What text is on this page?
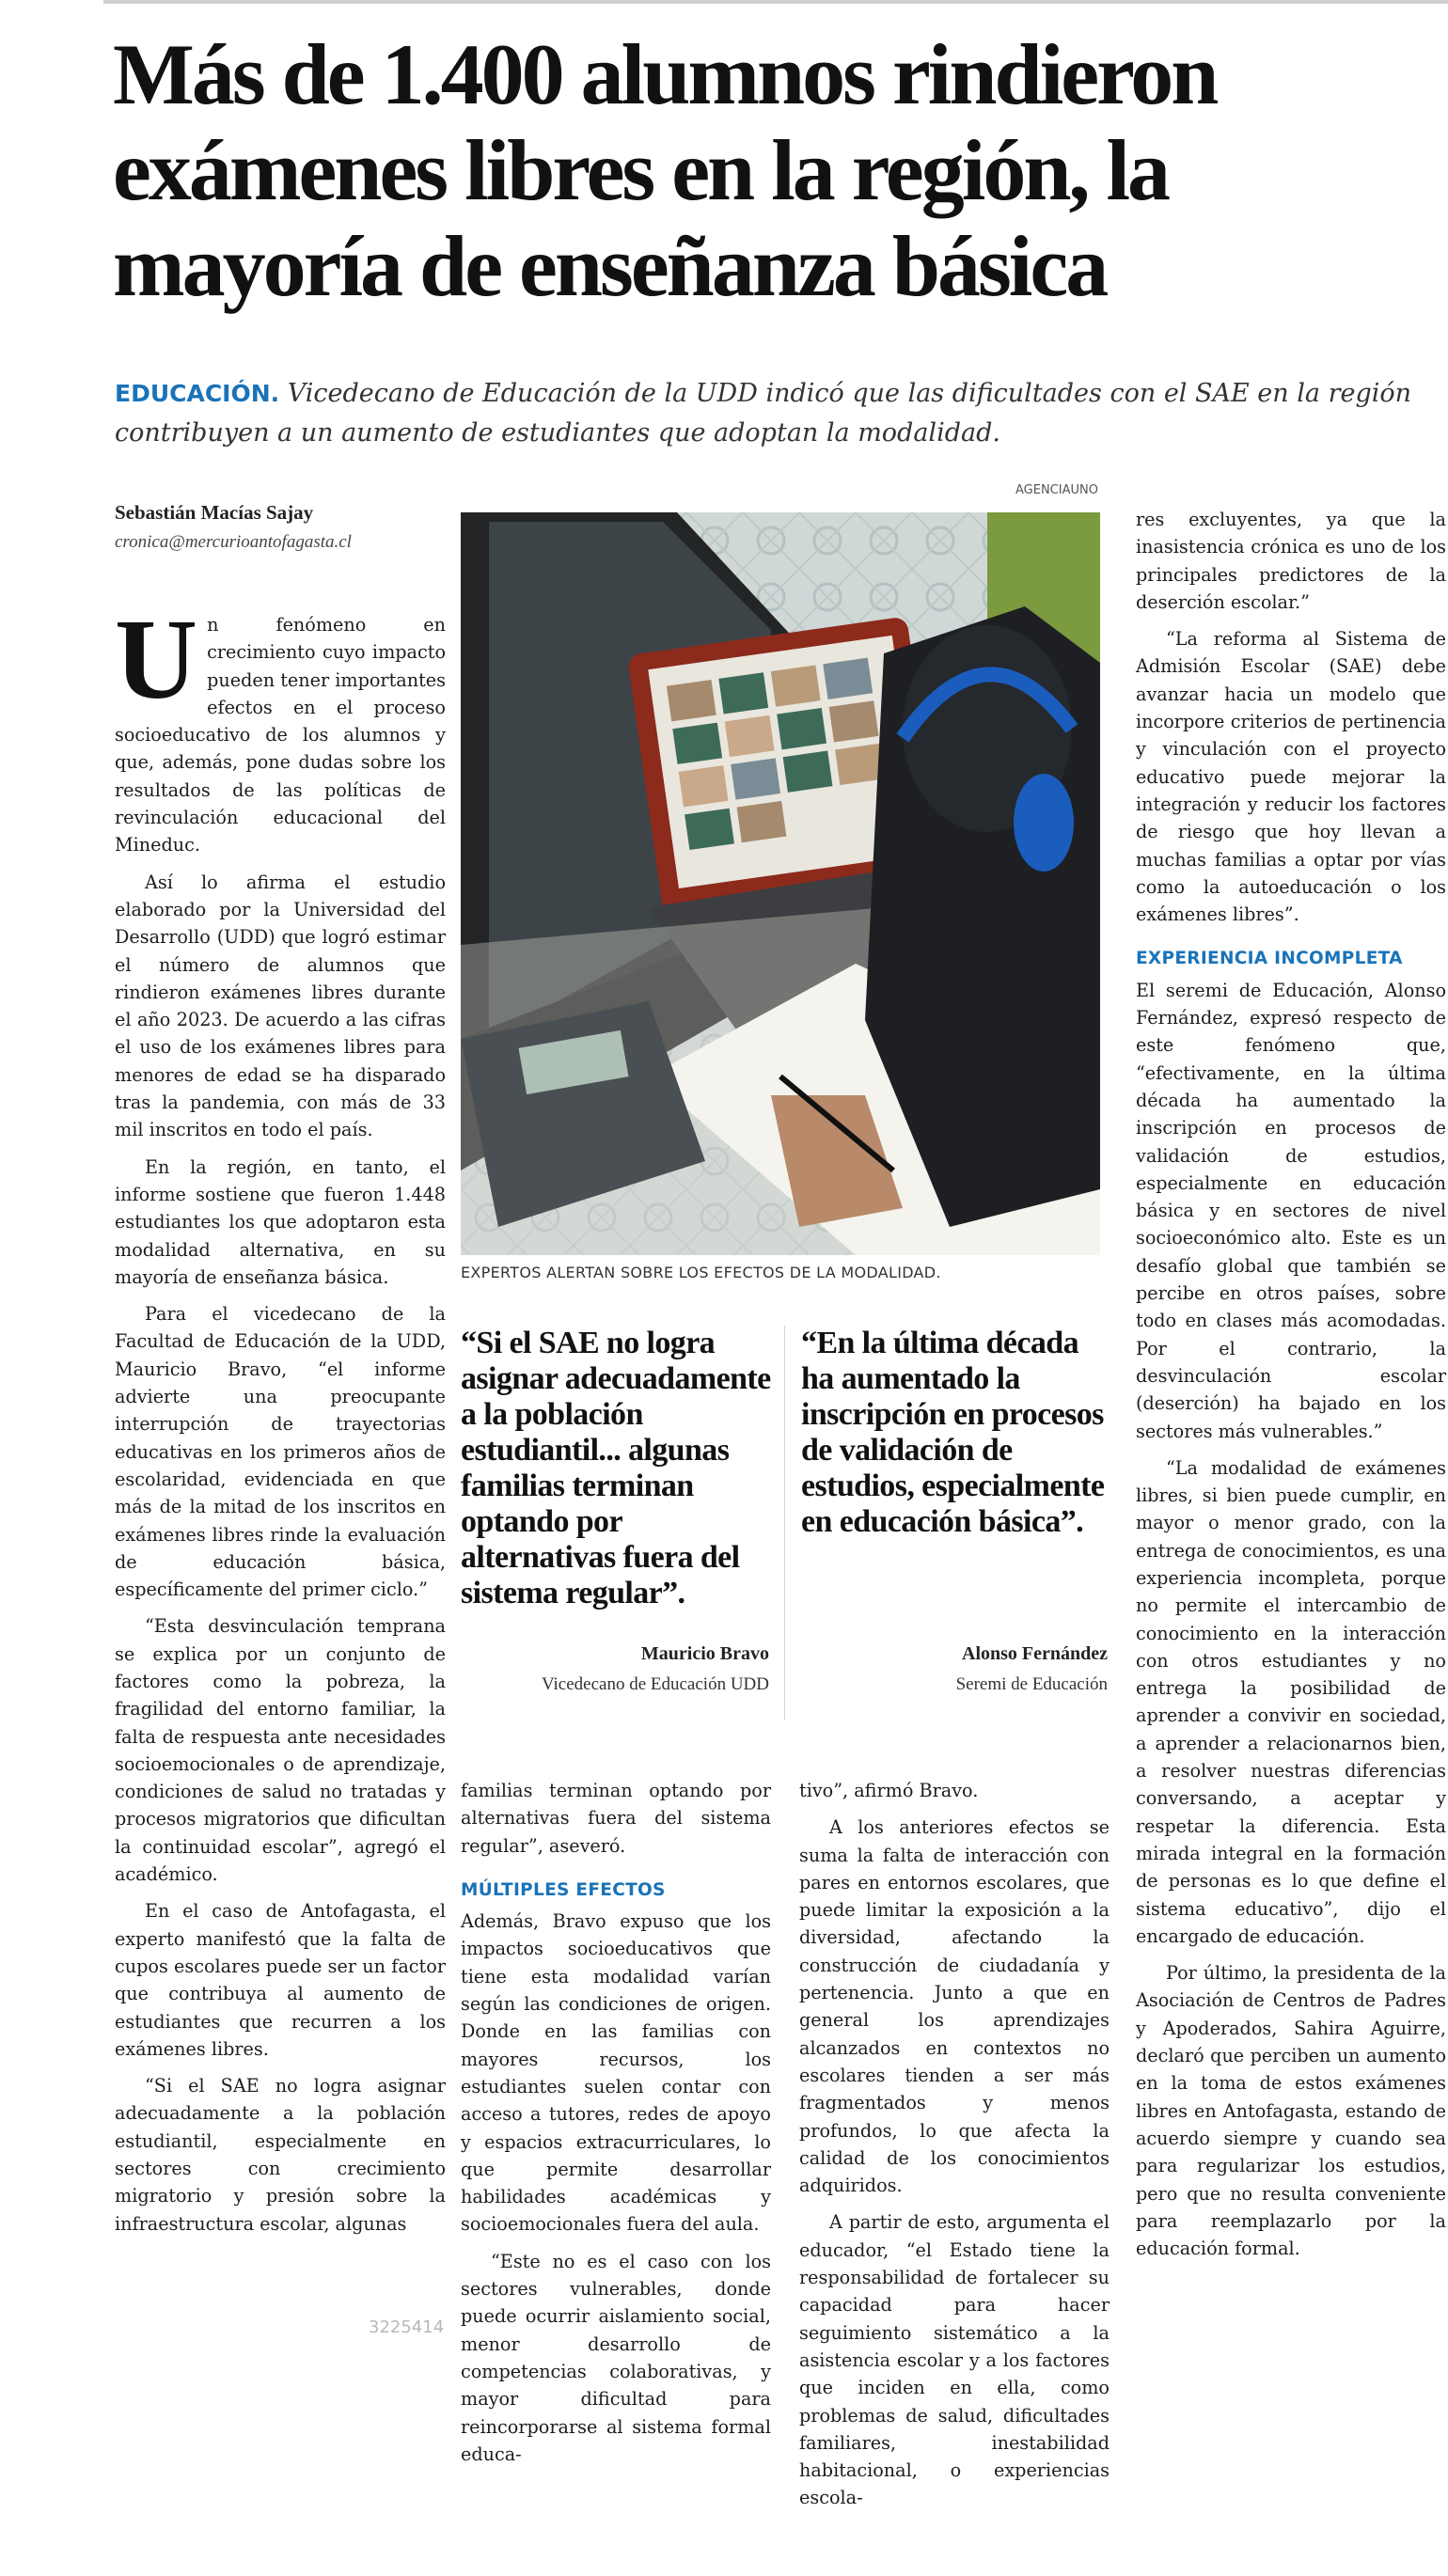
Más de 1.400 alumnos rindieron exámenes libres en la región, la mayoría de enseñanza básica

EDUCACIÓN. Vicedecano de Educación de la UDD indicó que las dificultades con el SAE en la región contribuyen a un aumento de estudiantes que adoptan la modalidad.

Sebastián Macías Sajay
cronica@mercurioantofagasta.cl

Un fenómeno en crecimiento cuyo impacto pueden tener importantes efectos en el proceso socioeducativo de los alumnos y que, además, pone dudas sobre los resultados de las políticas de revinculación educacional del Mineduc.

Así lo afirma el estudio elaborado por la Universidad del Desarrollo (UDD) que logró estimar el número de alumnos que rindieron exámenes libres durante el año 2023. De acuerdo a las cifras el uso de los exámenes libres para menores de edad se ha disparado tras la pandemia, con más de 33 mil inscritos en todo el país.

En la región, en tanto, el informe sostiene que fueron 1.448 estudiantes los que adoptaron esta modalidad alternativa, en su mayoría de enseñanza básica.

Para el vicedecano de la Facultad de Educación de la UDD, Mauricio Bravo, “el informe advierte una preocupante interrupción de trayectorias educativas en los primeros años de escolaridad, evidenciada en que más de la mitad de los inscritos en exámenes libres rinde la evaluación de educación básica, específicamente del primer ciclo.”

“Esta desvinculación temprana se explica por un conjunto de factores como la pobreza, la fragilidad del entorno familiar, la falta de respuesta ante necesidades socioemocionales o de aprendizaje, condiciones de salud no tratadas y procesos migratorios que dificultan la continuidad escolar”, agregó el académico.

En el caso de Antofagasta, el experto manifestó que la falta de cupos escolares puede ser un factor que contribuya al aumento de estudiantes que recurren a los exámenes libres.

“Si el SAE no logra asignar adecuadamente a la población estudiantil, especialmente en sectores con crecimiento migratorio y presión sobre la infraestructura escolar, algunas

AGENCIAUNO
EXPERTOS ALERTAN SOBRE LOS EFECTOS DE LA MODALIDAD.

“Si el SAE no logra asignar adecuadamente a la población estudiantil... algunas familias terminan optando por alternativas fuera del sistema regular”.

“En la última década ha aumentado la inscripción en procesos de validación de estudios, especialmente en educación básica”.

Mauricio Bravo
Vicedecano de Educación UDD
Alonso Fernández
Seremi de Educación

familias terminan optando por alternativas fuera del sistema regular”, aseveró.

MÚLTIPLES EFECTOS

Además, Bravo expuso que los impactos socioeducativos que tiene esta modalidad varían según las condiciones de origen. Donde en las familias con mayores recursos, los estudiantes suelen contar con acceso a tutores, redes de apoyo y espacios extracurriculares, lo que permite desarrollar habilidades académicas y socioemocionales fuera del aula.

“Este no es el caso con los sectores vulnerables, donde puede ocurrir aislamiento social, menor desarrollo de competencias colaborativas, y mayor dificultad para reincorporarse al sistema formal educa-

tivo”, afirmó Bravo.

A los anteriores efectos se suma la falta de interacción con pares en entornos escolares, que puede limitar la exposición a la diversidad, afectando la construcción de ciudadanía y pertenencia. Junto a que en general los aprendizajes alcanzados en contextos no escolares tienden a ser más fragmentados y menos profundos, lo que afecta la calidad de los conocimientos adquiridos.

A partir de esto, argumenta el educador, “el Estado tiene la responsabilidad de fortalecer su capacidad para hacer seguimiento sistemático a la asistencia escolar y a los factores que inciden en ella, como problemas de salud, dificultades familiares, inestabilidad habitacional, o experiencias escola-

res excluyentes, ya que la inasistencia crónica es uno de los principales predictores de la deserción escolar.”

“La reforma al Sistema de Admisión Escolar (SAE) debe avanzar hacia un modelo que incorpore criterios de pertinencia y vinculación con el proyecto educativo puede mejorar la integración y reducir los factores de riesgo que hoy llevan a muchas familias a optar por vías como la autoeducación o los exámenes libres”.

EXPERIENCIA INCOMPLETA

El seremi de Educación, Alonso Fernández, expresó respecto de este fenómeno que, “efectivamente, en la última década ha aumentado la inscripción en procesos de validación de estudios, especialmente en educación básica y en sectores de nivel socioeconómico alto. Este es un desafío global que también se percibe en otros países, sobre todo en clases más acomodadas. Por el contrario, la desvinculación escolar (deserción) ha bajado en los sectores más vulnerables.”

“La modalidad de exámenes libres, si bien puede cumplir, en mayor o menor grado, con la entrega de conocimientos, es una experiencia incompleta, porque no permite el intercambio de conocimiento en la interacción con otros estudiantes y no entrega la posibilidad de aprender a convivir en sociedad, a aprender a relacionarnos bien, a resolver nuestras diferencias conversando, a aceptar y respetar la diferencia. Esta mirada integral en la formación de personas es lo que define el sistema educativo”, dijo el encargado de educación.

Por último, la presidenta de la Asociación de Centros de Padres y Apoderados, Sahira Aguirre, declaró que perciben un aumento en la toma de estos exámenes libres en Antofagasta, estando de acuerdo siempre y cuando sea para regularizar los estudios, pero que no resulta conveniente para reemplazarlo por la educación formal.

3225414
